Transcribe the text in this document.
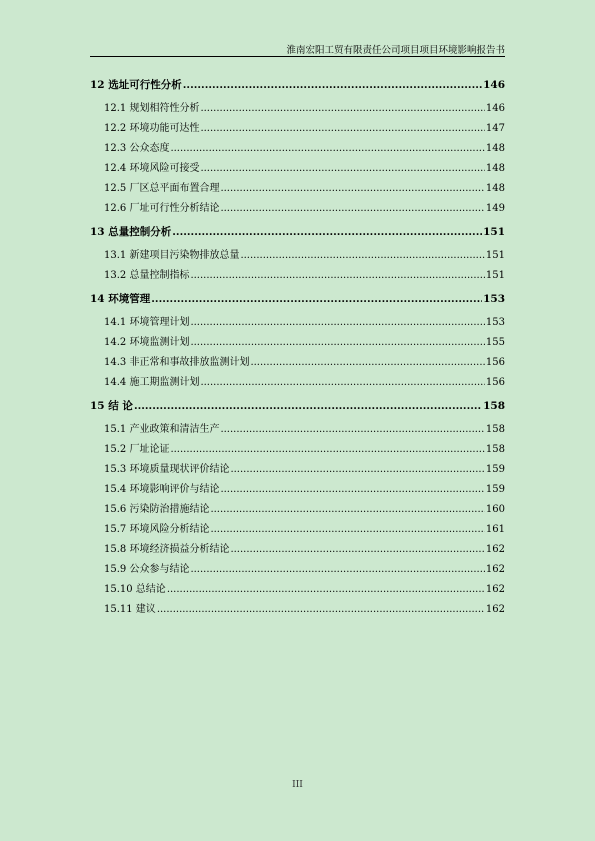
淮南宏阳工贸有限责任公司项目项目环境影响报告书
12 选址可行性分析 .....	146
12.1 规划相符性分析 .....	146
12.2 环境功能可达性 .....	147
12.3 公众态度 .....	148
12.4 环境风险可接受 .....	148
12.5 厂区总平面布置合理 .....	148
12.6 厂址可行性分析结论 .....	149
13 总量控制分析 .....	151
13.1 新建项目污染物排放总量 .....	151
13.2 总量控制指标 .....	151
14 环境管理 .....	153
14.1 环境管理计划 .....	153
14.2 环境监测计划 .....	155
14.3 非正常和事故排放监测计划 .....	156
14.4 施工期监测计划 .....	156
15 结 论 .....	158
15.1 产业政策和清洁生产 .....	158
15.2 厂址论证 .....	158
15.3 环境质量现状评价结论 .....	159
15.4 环境影响评价与结论 .....	159
15.6 污染防治措施结论 .....	160
15.7 环境风险分析结论 .....	161
15.8 环境经济损益分析结论 .....	162
15.9 公众参与结论 .....	162
15.10 总结论 .....	162
15.11 建议 .....	162
III
